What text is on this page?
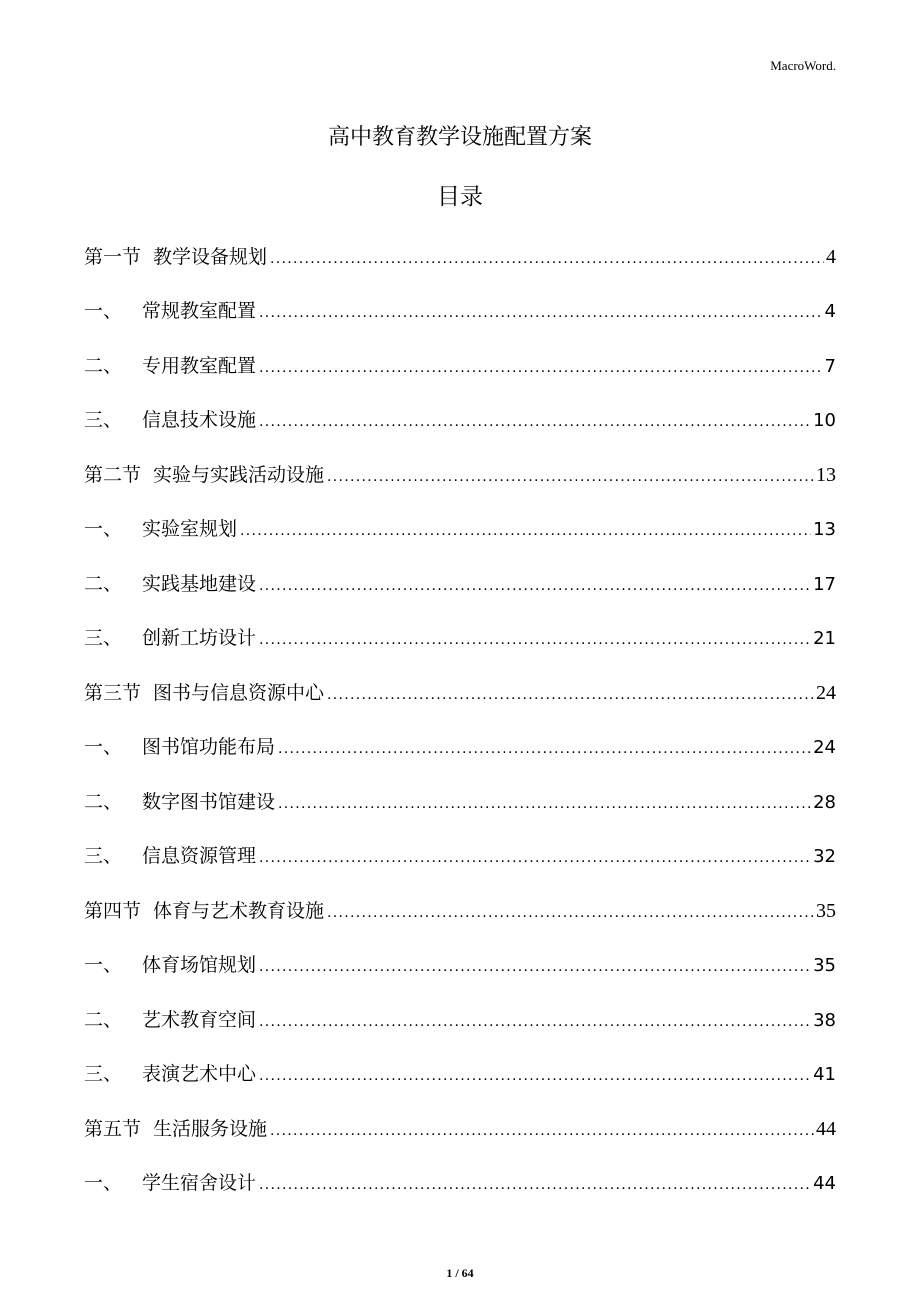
MacroWord.
高中教育教学设施配置方案
目录
第一节 教学设备规划 .....	4
一、	常规教室配置 .....	4
二、	专用教室配置 .....	7
三、	信息技术设施 .....	10
第二节 实验与实践活动设施 .....	13
一、	实验室规划 .....	13
二、	实践基地建设 .....	17
三、	创新工坊设计 .....	21
第三节 图书与信息资源中心 .....	24
一、	图书馆功能布局 .....	24
二、	数字图书馆建设 .....	28
三、	信息资源管理 .....	32
第四节 体育与艺术教育设施 .....	35
一、	体育场馆规划 .....	35
二、	艺术教育空间 .....	38
三、	表演艺术中心 .....	41
第五节 生活服务设施 .....	44
一、	学生宿舍设计 .....	44
1 / 64
